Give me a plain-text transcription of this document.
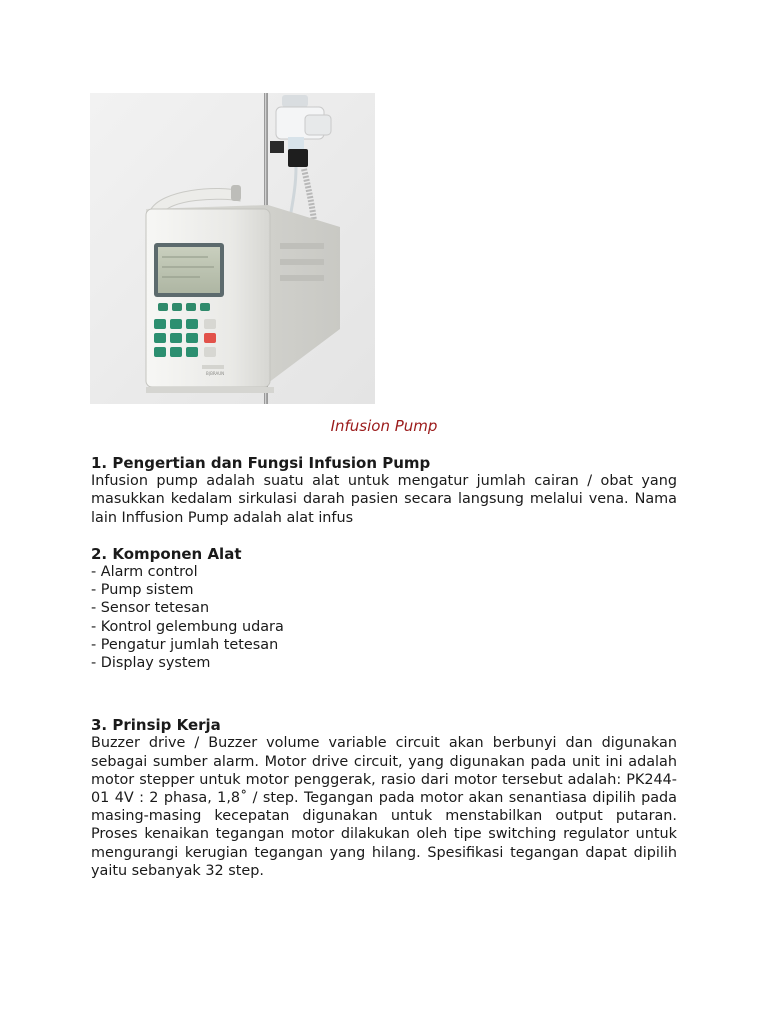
B|BRAUN
Infusion Pump

1. Pengertian dan Fungsi Infusion Pump

Infusion pump adalah suatu alat untuk mengatur jumlah cairan / obat yang masukkan kedalam sirkulasi darah pasien secara langsung melalui vena. Nama lain Inffusion Pump adalah alat infus

2. Komponen Alat

- Alarm control
- Pump sistem
- Sensor tetesan
- Kontrol gelembung udara
- Pengatur jumlah tetesan
- Display system

3. Prinsip Kerja

Buzzer drive / Buzzer volume variable circuit akan berbunyi dan digunakan sebagai sumber alarm. Motor drive circuit, yang digunakan pada unit ini adalah motor stepper untuk motor penggerak, rasio dari motor tersebut adalah: PK244-01 4V : 2 phasa, 1,8˚ / step. Tegangan pada motor akan senantiasa dipilih pada masing-masing kecepatan digunakan untuk menstabilkan output putaran. Proses kenaikan tegangan motor dilakukan oleh tipe switching regulator untuk mengurangi kerugian tegangan yang hilang. Spesifikasi tegangan dapat dipilih yaitu sebanyak 32 step.
